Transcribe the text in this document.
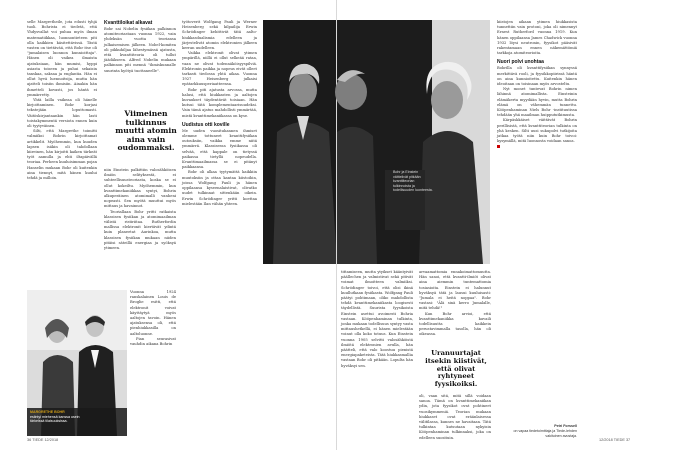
selle Margretheile, jota edusti tyhjä tuoli. Bohrista ei tiedetä, että Yhdysvallat voi puhua myös ilman matematiikkaa, luonnontieteen piti olla kaikkien käsitettävissä. Tästä vasten on tiettävää, että Bohr itse oli "jumalaisen luonnon kunnioittaja". Hänen oli vaikea ilmaista ajatuksiaan, hän mumisi, hyppi asiasta toiseen ja puhui sekaisin tanskaa, saksaa ja englantia. Hän ei ollut hyvä luennoitsija, mutta hän ajatteli toisiin ihmisiin. Ainakin hän ihmetteli kovasti, jos häntä ei ymmärretty.

Yhtä lailla vaikeaa oli hänelle kirjoittaminen. Bohr korjasi tekstejään loputtomasti. Väitöskirjantaankin hän lasti toistakymmentä versiota ennen kuin oli tyytyväinen.

Silti, että Margrethe toimitti valmiiksi Bohrin kirjoittamat artikkelit. Myöhemmin, kun kuuden lapsen isäkin oli tahdollaan kiireinen, hän kirjoitti kaiken tärkeät työt aamulla ja ehti iltapäivällä teoriaa. Perheen kuuluisimman pojan Hanselin mukaan Bohr oli kuitenkin aina tiennyt, mitä hänen kuului tehdä ja milloin.

MARGRETHE BOHR
esiintyi miehensä kanssa usein tärkeissä tilaisuuksissa.

Kvanttiloikat alkavat

Bohr sai Nobelin fysiikan palkinnon atomiteoriastaan vuonna 1922, vain yhdeksän vuotta teoriansa julkaisemisen jälkeen. Nobel-komitea oli pikkuhiljaa lähestymässä ajatusta, että kvanttiteoria oli tullut jäädäkseen. Alfred Nobelin mukaan palkinnon piti mennä "ihmiskunnalle suurinta hyötyä tuottaneelle".

Viimeinen tulkinnus muutti atomin aina vain oudommaksi.

niin Einstein palkittiin valosähköisen ilmiön selityksestä, ei suhteellisuusteoriasta, koska se ei ollut kokeiltu. Myöhemmin, kun kvanttimekaniikkaa syntyi, Bohrin alkuperäinen atomimalli vanheni nopeasti. Sen myötä muuttui myös mittaus ja havainnot.

Teoriallaan Bohr yritti ratkaista klassisen fysiikan ja atomimaailman välistä ristiriitaa. Rutherfordin mallissa elektronit kiertävät ydintä kuin planeetat Aurinkoa, mutta klassisen fysiikan mukaan niiden pitäisi säteillä energiaa ja syöksyä ytimeen.

Vuonna 1924 ranskalainen Louis de Broglie esitti, että elektronit voivat käyttäytyä myös aaltojen tavoin. Hänen ajatuksensa oli, että pienhiukkasilla on aaltoluonne.

Pian seurasivat vauhdin aikana Bohrin

työtoverit Wolfgang Pauli ja Werner Heisenberg sekä kilpailija Erwin Schrödinger kehittivät tätä aalto-hiukkasdualismia edelleen ja järjestelivät atomin elektronien jälkeen kerran uudelleen.

Vaikka elektronit olivat ytimen ympärillä, niillä ei ollut selkeää rataa, vaan ne olivat todennäköisyyspilviä. Elektronin paikka ja nopeus eivät olleet tarkasti tiedossa yhtä aikaa. Vuonna 1927 Heisenberg julkaisi epätarkkuusperiaatteensa.

Bohr piti ajatusta arvossa, mutta halusi, että hiukkasten ja aaltojen kuvaukset täydentävät toisiaan. Hän kutsui tätä komplementaarisuudeksi. Vain tämä ajatus mahdollisti ymmärtää, mistä kvanttimekaniikassa on kyse.

Uudistus otti koville

Me uuden vuosituhannen ihmiset olemme tottuneet kvanttifysiikan outouksiin, vaikka emme niitä ymmärrä. Klassisessa fysiikassa oli selvää, että kappale on tietyssä paikassa tietyllä nopeudella. Kvanttimaailmassa se ei pitänyt paikkaansa.

Bohr oli alkaa tyytymättä kaikkiin muutoksiin ja ottaa kantaa kiistoihin, joissa Wolfgang Pauli ja hänen oppilaansa kyseenalaistivat, olivatko uudet tulkinnat sittenkään oikein. Erwin Schrödinger yritti koettaa mielestään Ilan vähän yhteen.

36 TIEDE 12/2018
Bohr ja Einstein väittelivät pitkään kvanttiteorian tulkinnoista ja todellisuuden luonteesta.

tittamiseen, mutta ytyikset kääntyivät päällechen ja valmistivat sekä pitivät voimat ilmoitteen valmiiksi. Schrödinger toivoi, että olisi ikinä kuullutkaan fysiikasta. Wolfgang Pauli päätyi pohtimaan, oliko mahdollista tehdä kvanttimekaniikasta loogisesti täydellistä. Suurista fyysikoista Einstein asettui avoimesti Bohria vastaan. Kööpenhaminan tulkinta, jonka mukaan todellisuus syntyy vasta mittaushetkellä, ei hänen mielestään voinut olla koko totuus. Kun Einstein vuonna 1905 selvitti valosähköistä ilmiötä elektronien avulla, hän päätteli, että valo koostuu pienistä energiapaketeista. Tätä hiukkasmallia vastaan Bohr oli pitkään. Lopulta hän hyväksyi sen.

arvaamattomia ennakoimattomuutta. Hän sanoi, että kvantti-ilmiöt olivat aina aiemmin tuntemattomia tosiasioita. Einstein ei halunnut hyväksyä tätä ja lausui kuuluisasti: "Jumala ei heitä noppaa". Bohr vastasi: "Älä sinä kerro Jumalalle, mitä tehdä!"

Kun Bohr arvioi, että kvanttimekaniikka kuvaili todellisuutta kaikkein perustavimmalla tasolla, hän oli oikeassa.

Uranuurtajat itsekin kiistivät, että olivat ryhtyneet fyysikoiksi.

oli, vaan sitä, mitä sillä voidaan sanoa. Tämä on kvanttimekaniikan ydin, jota fyysikot ovat pohtineet vuosikymmeniä. Teorian mukaan hiukkaset ovat eräänlaisessa välitilassa, kunnes ne havaitaan. Tätä tulkintaa kutsutaan nykyisin Kööpenhaminan tulkinnaksi, joka on edelleen suosituin.

kiistojen aikaan ytimen hiukkasista tunnettiin vain protoni, joka oli nimennyt Ernest Rutherford vuonna 1919. Kun hänen oppilaansa James Chadwick vuonna 1932 löysi neutronin, fyysikot pääsivät rakentamaan ennen näkemättömiä tarkkoja atomiteorioita.

Nuori polvi unohtaa

Bohrilla oli kvanttifysiikan synnyssä merkittävä rooli, ja fyysikkopiirissä häntä on aina kunnioitettu. Kuitenkin hänen ideoitaan on toisinaan myös arvosteltu.

Nyt monet tuntevat Bohrin nimen lähinnä atomimallista. Einsteinin elämäkerta myydään hyvin, mutta Bohrin elämä on vähemmän tunnettu. Kööpenhaminan Niels Bohr -instituutissa tehdään yhä maailman huippututkimusta.

Kärpäskkäiset väittävät Bohrin perillisistä, että kvanttiteorian tulkinta on yhä kesken. Silti uusi sukupolvi tutkijoita jatkaa työtä niin kuin Bohr toivoi: kysymällä, mitä luonnosta voidaan sanoa.

Petri Forssell
on vapaa tiedetoimittaja ja Tiede-lehden vakituinen avustaja.
12/2018 TIEDE 37
